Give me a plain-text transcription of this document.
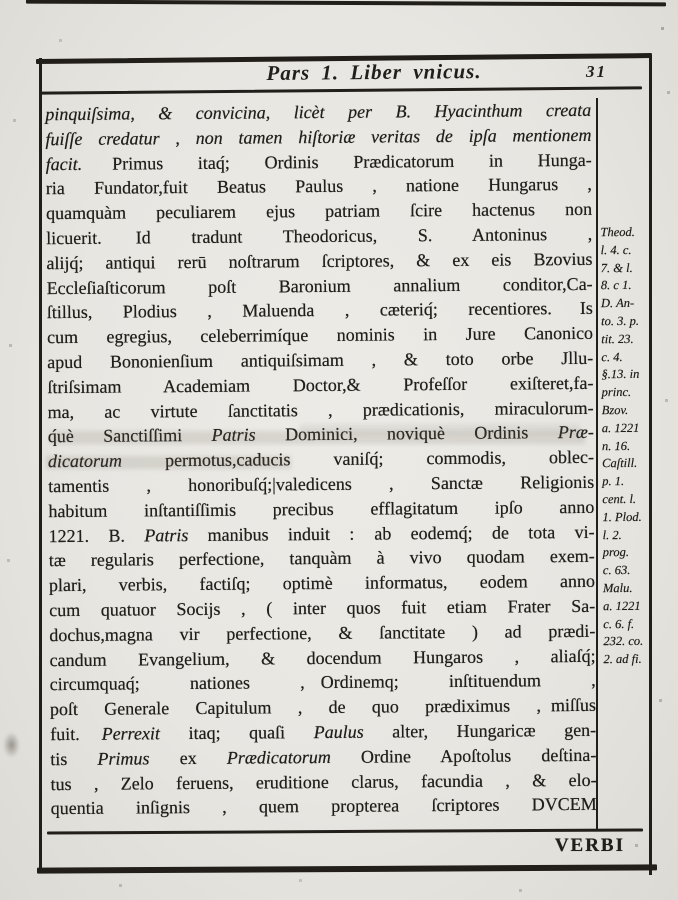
Pars 1. Liber vnicus.	31
pinquiſsima, & convicina, licèt per B. Hyacinthum creata
fuiſſe credatur , non tamen hiſtoriæ veritas de ipſa mentionem
facit. Primus itaq́; Ordinis Prædicatorum in Hunga-
ria Fundator,fuit Beatus Paulus , natione Hungarus ,
quamquàm peculiarem ejus patriam ſcire hactenus non
licuerit. Id tradunt Theodoricus, S. Antoninus ,
alijq́; antiqui rerū noſtrarum ſcriptores, & ex eis Bzovius
Eccleſiaſticorum poſt Baronium annalium conditor,Ca-
ſtillus, Plodius , Maluenda , cæteriq́; recentiores. Is
cum egregius, celeberrimíque nominis in Jure Canonico
apud Bononienſium antiquiſsimam , & toto orbe Jllu-
ſtriſsimam Academiam Doctor,& Profeſſor exiſteret,fa-
ma, ac virtute ſanctitatis , prædicationis, miraculorum-
q́uè Sanctiſſimi Patris Dominici, noviquè Ordinis Præ-
dicatorum permotus,caducis vaniſq́; commodis, oblec-
tamentis , honoribuſq́;|valedicens , Sanctæ Religionis
habitum inſtantiſſimis precibus efflagitatum ipſo anno
1221. B. Patris manibus induit : ab eodemq́; de tota vi-
tæ regularis perfectione, tanquàm à vivo quodam exem-
plari, verbis, factiſq; optimè informatus, eodem anno
cum quatuor Socijs , ( inter quos fuit etiam Frater Sa-
dochus,magna vir perfectione, & ſanctitate ) ad prædi-
candum Evangelium, & docendum Hungaros , aliaſq́;
circumquaq́; nationes , Ordinemq; inſtituendum ,
poſt Generale Capitulum , de quo prædiximus , miſſus
fuit. Perrexit itaq; quaſi Paulus alter, Hungaricæ gen-
tis Primus ex Prædicatorum Ordine Apoſtolus deſtina-
tus , Zelo feruens, eruditione clarus, facundia , & elo-
quentia inſignis , quem propterea ſcriptores DVCEM
Theod.
l. 4. c.
7. & l.
8. c 1.
D. An-
to. 3. p.
tit. 23.
c. 4.
§.13. in
princ.
Bzov.
a. 1221
n. 16.
Caſtill.
p. 1.
cent. l.
1. Plod.
l. 2.
prog.
c. 63.
Malu.
a. 1221
c. 6. f.
232. co.
2. ad fi.
VERBI
